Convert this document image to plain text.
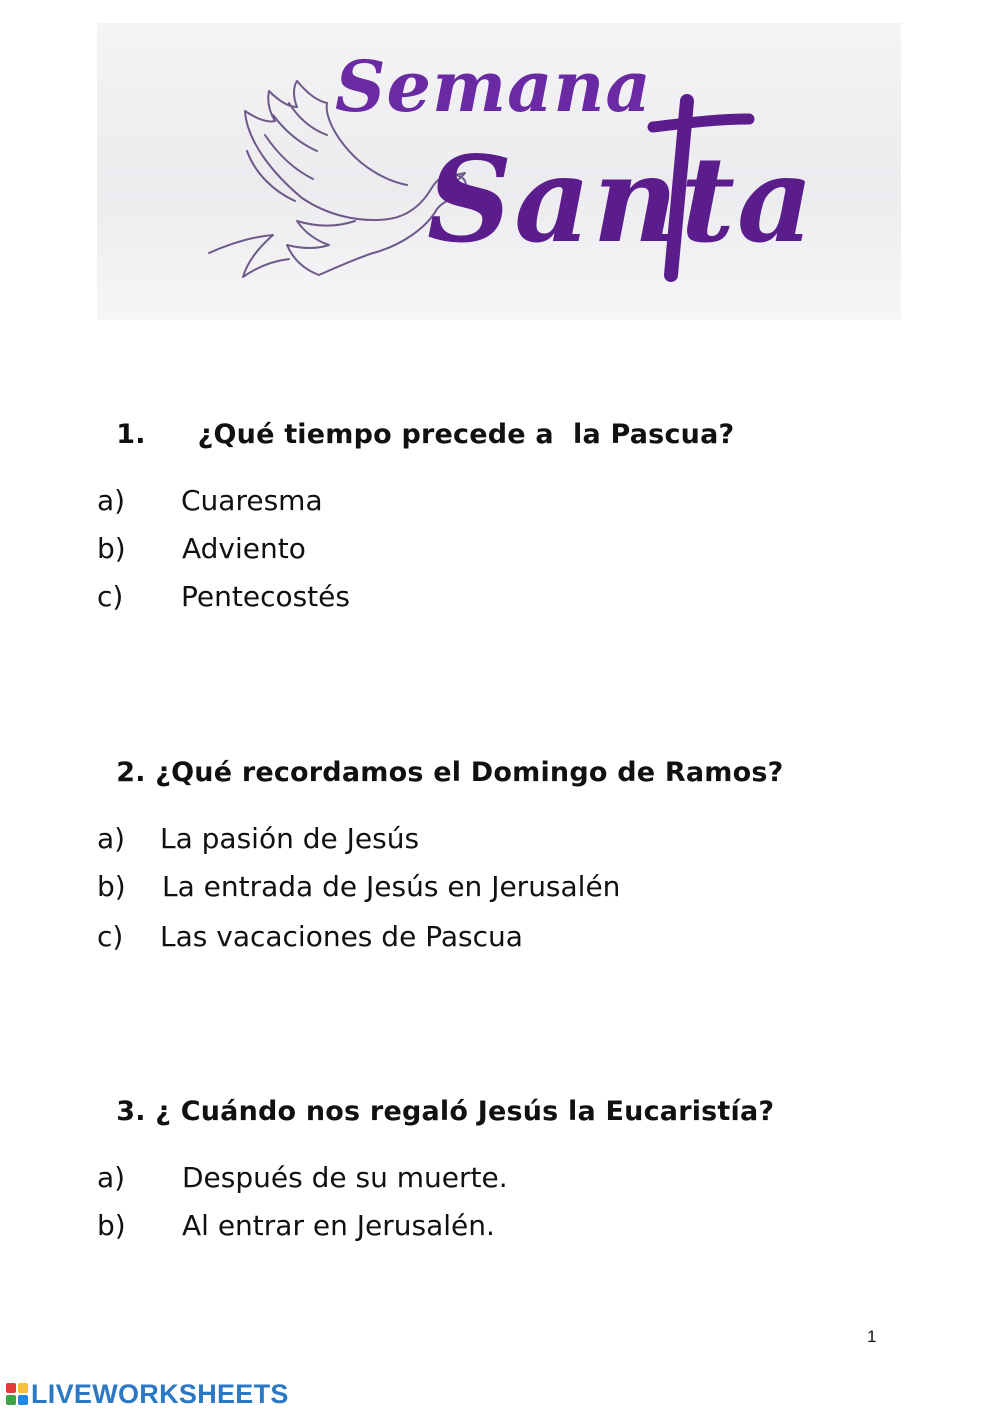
Semana
Santa

1. ¿Qué tiempo precede a  la Pascua?

a) Cuaresma
b) Adviento
c) Pentecostés

2. ¿Qué recordamos el Domingo de Ramos?

a) La pasión de Jesús
b) La entrada de Jesús en Jerusalén
c) Las vacaciones de Pascua

3. ¿ Cuándo nos regaló Jesús la Eucaristía?

a) Después de su muerte.
b) Al entrar en Jerusalén.
1
LIVEWORKSHEETS
